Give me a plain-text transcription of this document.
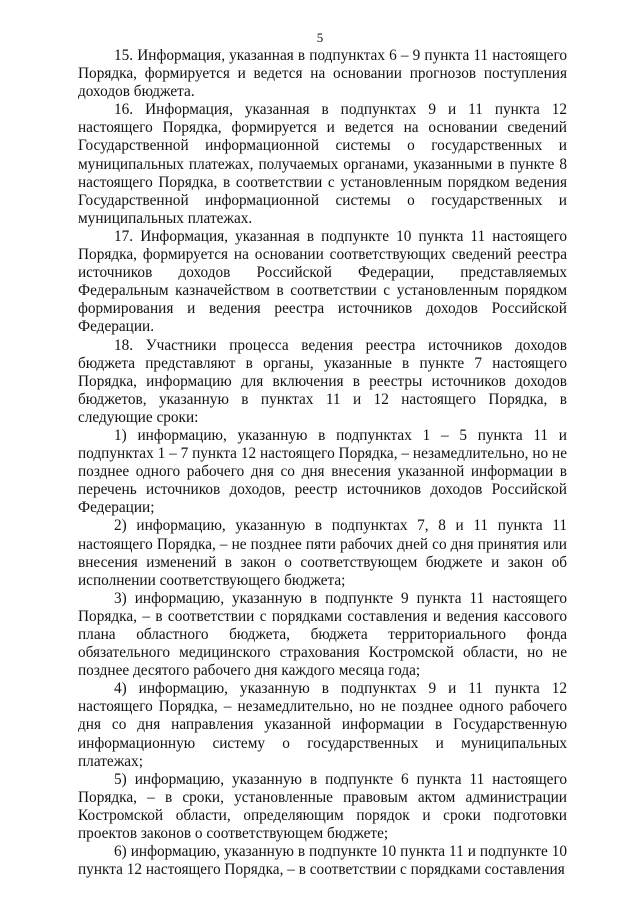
5

15. Информация, указанная в подпунктах 6 – 9 пункта 11 настоящего Порядка, формируется и ведется на основании прогнозов поступления доходов бюджета.

16. Информация, указанная в подпунктах 9 и 11 пункта 12 настоящего Порядка, формируется и ведется на основании сведений Государственной информационной системы о государственных и муниципальных платежах, получаемых органами, указанными в пункте 8 настоящего Порядка, в соответствии с установленным порядком ведения Государственной информационной системы о государственных и муниципальных платежах.

17. Информация, указанная в подпункте 10 пункта 11 настоящего Порядка, формируется на основании соответствующих сведений реестра источников доходов Российской Федерации, представляемых Федеральным казначейством в соответствии с установленным порядком формирования и ведения реестра источников доходов Российской Федерации.

18. Участники процесса ведения реестра источников доходов бюджета представляют в органы, указанные в пункте 7 настоящего Порядка, информацию для включения в реестры источников доходов бюджетов, указанную в пунктах 11 и 12 настоящего Порядка, в следующие сроки:

1) информацию, указанную в подпунктах 1 – 5 пункта 11 и подпунктах 1 – 7 пункта 12 настоящего Порядка, – незамедлительно, но не позднее одного рабочего дня со дня внесения указанной информации в перечень источников доходов, реестр источников доходов Российской Федерации;

2) информацию, указанную в подпунктах 7, 8 и 11 пункта 11 настоящего Порядка, – не позднее пяти рабочих дней со дня принятия или внесения изменений в закон о соответствующем бюджете и закон об исполнении соответствующего бюджета;

3) информацию, указанную в подпункте 9 пункта 11 настоящего Порядка, – в соответствии с порядками составления и ведения кассового плана областного бюджета, бюджета территориального фонда обязательного медицинского страхования Костромской области, но не позднее десятого рабочего дня каждого месяца года;

4) информацию, указанную в подпунктах 9 и 11 пункта 12 настоящего Порядка, – незамедлительно, но не позднее одного рабочего дня со дня направления указанной информации в Государственную информационную систему о государственных и муниципальных платежах;

5) информацию, указанную в подпункте 6 пункта 11 настоящего Порядка, – в сроки, установленные правовым актом администрации Костромской области, определяющим порядок и сроки подготовки проектов законов о соответствующем бюджете;

6) информацию, указанную в подпункте 10 пункта 11 и подпункте 10 пункта 12 настоящего Порядка, – в соответствии с порядками составления
